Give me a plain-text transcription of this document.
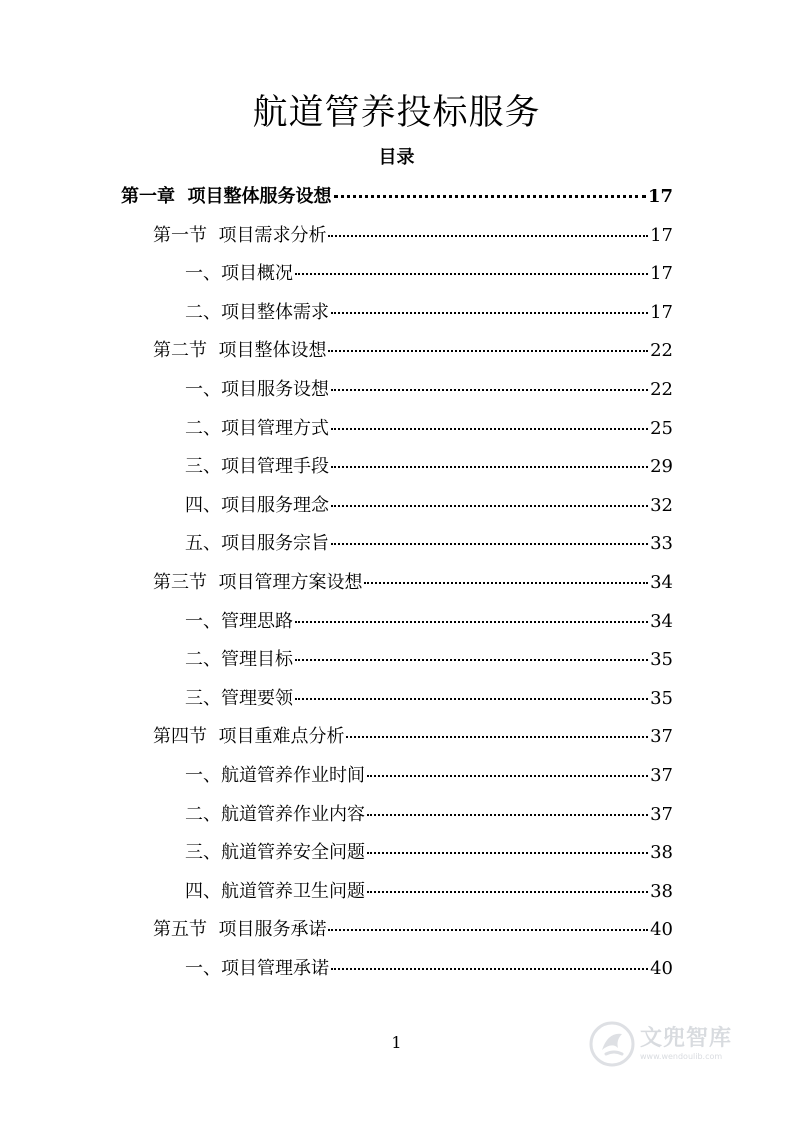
航道管养投标服务
目录
第一章  项目整体服务设想	17
第一节  项目需求分析	17
一、项目概况	17
二、项目整体需求	17
第二节  项目整体设想	22
一、项目服务设想	22
二、项目管理方式	25
三、项目管理手段	29
四、项目服务理念	32
五、项目服务宗旨	33
第三节  项目管理方案设想	34
一、管理思路	34
二、管理目标	35
三、管理要领	35
第四节  项目重难点分析	37
一、航道管养作业时间	37
二、航道管养作业内容	37
三、航道管养安全问题	38
四、航道管养卫生问题	38
第五节  项目服务承诺	40
一、项目管理承诺	40
1	文兜智库
www.wendoulib.com
